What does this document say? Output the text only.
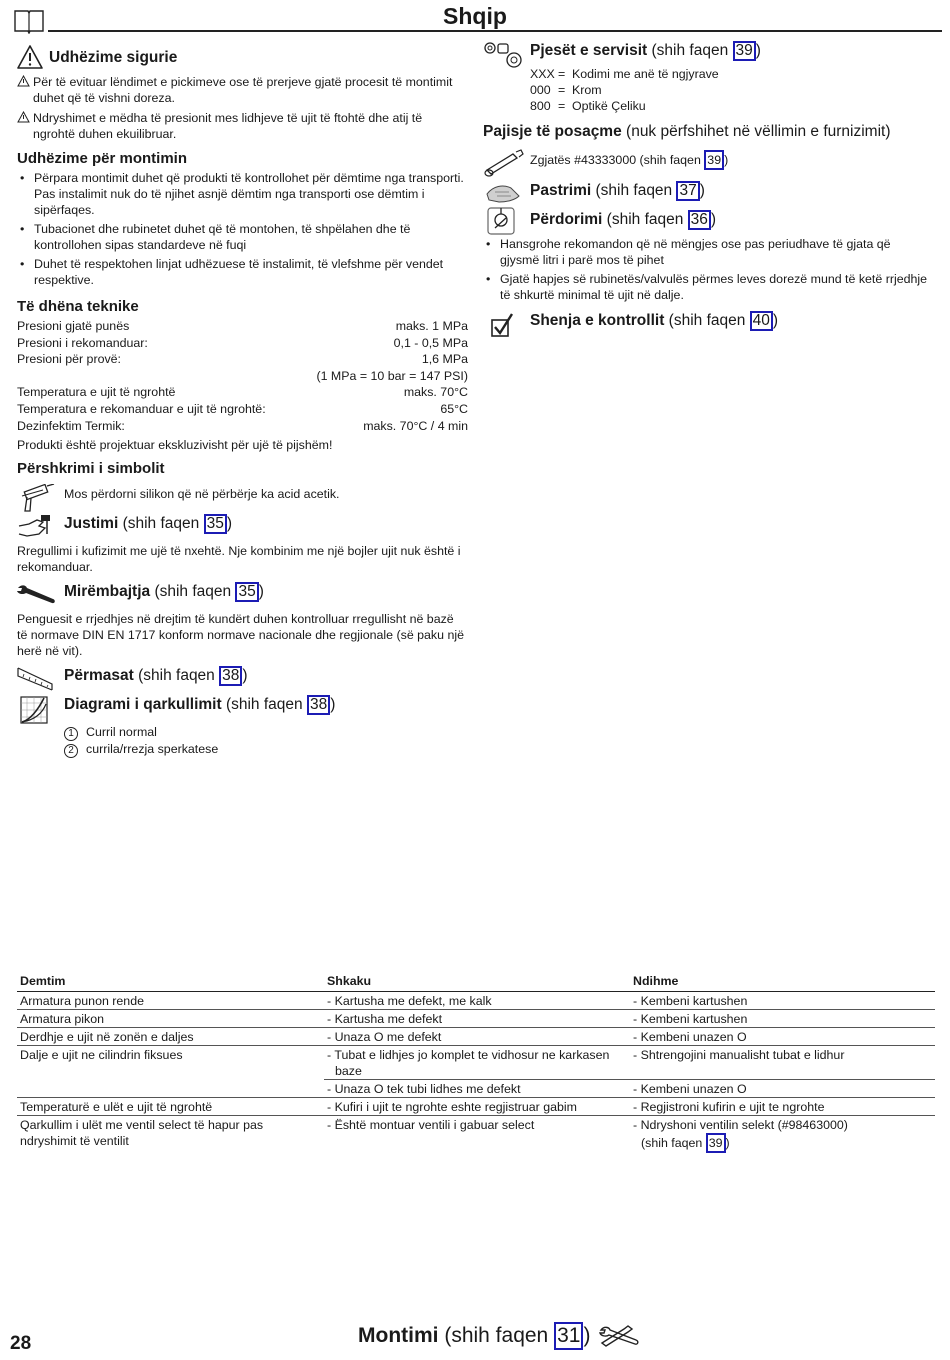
Shqip
Udhëzime sigurie
Për të evituar lëndimet e pickimeve ose të prerjeve gjatë procesit të montimit duhet që të vishni doreza.
Ndryshimet e mëdha të presionit mes lidhjeve të ujit të ftohtë dhe atij të ngrohtë duhen ekuilibruar.
Udhëzime për montimin
• Përpara montimit duhet që produkti të kontrollohet për dëmtime nga transporti. Pas instalimit nuk do të njihet asnjë dëmtim nga transporti ose dëmtim i sipërfaqes.
• Tubacionet dhe rubinetet duhet që të montohen, të shpëlahen dhe të kontrollohen sipas standardeve në fuqi
• Duhet të respektohen linjat udhëzuese të instalimit, të vlefshme për vendet respektive.
Të dhëna teknike
Presioni gjatë punës	maks. 1 MPa
Presioni i rekomanduar:	0,1 - 0,5 MPa
Presioni për provë:	1,6 MPa
(1 MPa = 10 bar = 147 PSI)
Temperatura e ujit të ngrohtë	maks. 70°C
Temperatura e rekomanduar e ujit të ngrohtë:	65°C
Dezinfektim Termik:	maks. 70°C / 4 min
Produkti është projektuar ekskluzivisht për ujë të pijshëm!
Përshkrimi i simbolit
Mos përdorni silikon që në përbërje ka acid acetik.
Justimi (shih faqen 35 )
Rregullimi i kufizimit me ujë të nxehtë. Nje kombinim me një bojler ujit nuk është i rekomanduar.
Mirëmbajtja (shih faqen 35 )
Penguesit e rrjedhjes në drejtim të kundërt duhen kontrolluar rregullisht në bazë të normave DIN EN 1717 konform normave nacionale dhe regjionale (së paku një herë në vit).
Përmasat (shih faqen 38 )
Diagrami i qarkullimit (shih faqen 38 )
1 Curril normal
2 currila/rrezja sperkatese
Pjesët e servisit (shih faqen 39 )
XXX = Kodimi me anë të ngjyrave
000 = Krom
800 = Optikë Çeliku
Pajisje të posaçme (nuk përfshihet në vëllimin e furnizimit)
Zgjatës #43333000 (shih faqen 39 )
Pastrimi (shih faqen 37 )
Përdorimi (shih faqen 36 )
• Hansgrohe rekomandon që në mëngjes ose pas periudhave të gjata që gjysmë litri i parë mos të pihet
• Gjatë hapjes së rubinetës/valvulës përmes leves dorezë mund të ketë rrjedhje të shkurtë minimal të ujit në dalje.
Shenja e kontrollit (shih faqen 40 )
Demtim	Shkaku	Ndihme
Armatura punon rende	- Kartusha me defekt, me kalk	- Kembeni kartushen
Armatura pikon	- Kartusha me defekt	- Kembeni kartushen
Derdhje e ujit në zonën e daljes	- Unaza O me defekt	- Kembeni unazen O
Dalje e ujit ne cilindrin fiksues	- Tubat e lidhjes jo komplet te vidhosur ne karkasen baze	- Shtrengojini manualisht tubat e lidhur
	- Unaza O tek tubi lidhes me defekt	- Kembeni unazen O
Temperaturë e ulët e ujit të ngrohtë	- Kufiri i ujit te ngrohte eshte regjistruar gabim	- Regjistroni kufirin e ujit te ngrohte
Qarkullim i ulët me ventil select të hapur pas ndryshimit të ventilit	- Është montuar ventili i gabuar select	- Ndryshoni ventilin selekt (#98463000)
(shih faqen 39 )
28	Montimi (shih faqen 31 )
